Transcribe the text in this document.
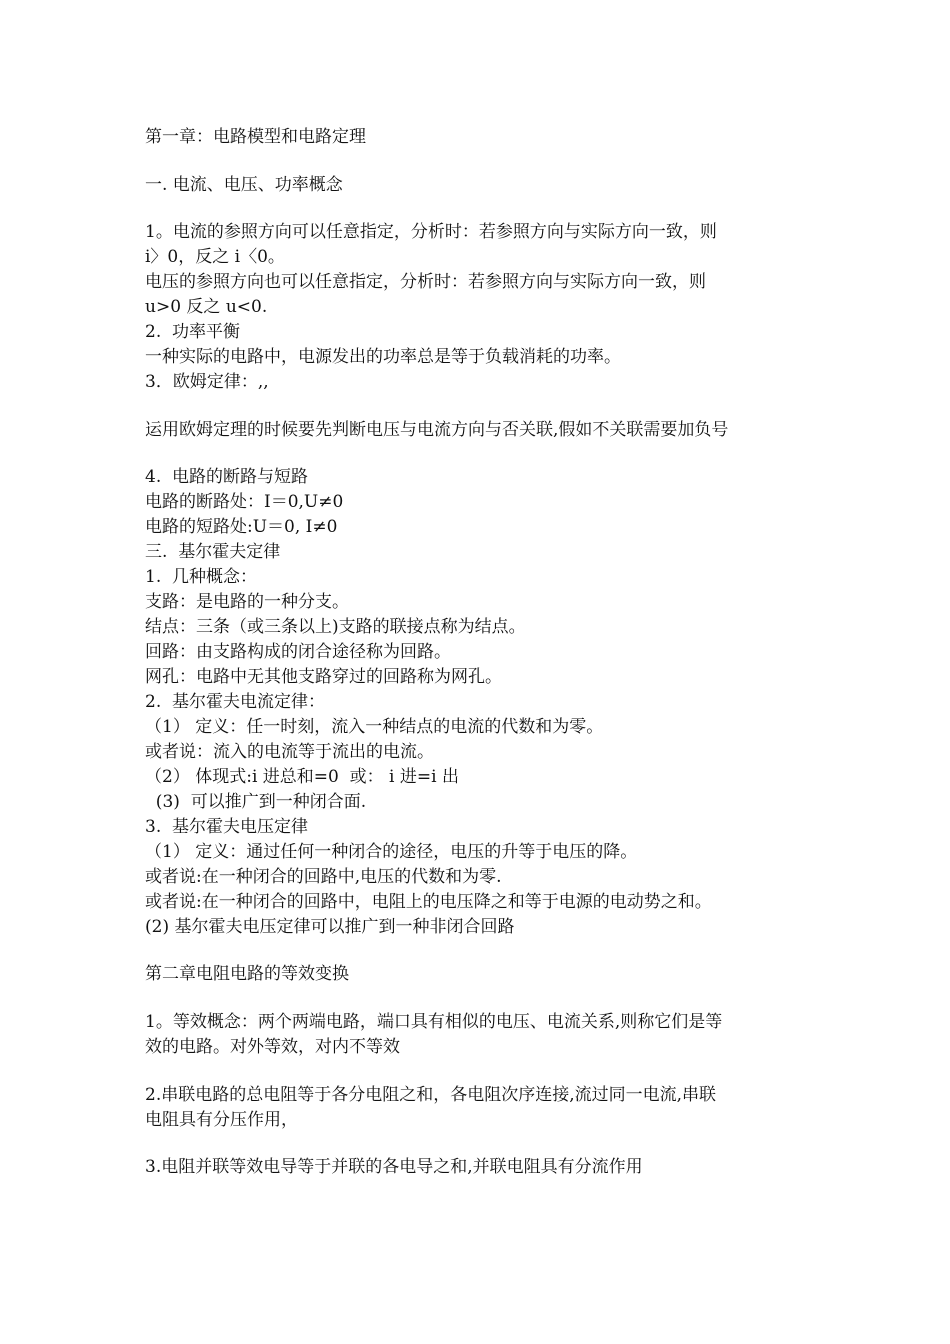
第一章：电路模型和电路定理

一. 电流、电压、功率概念

1。电流的参照方向可以任意指定，分析时：若参照方向与实际方向一致，则

i〉0，反之 i〈0。

电压的参照方向也可以任意指定，分析时：若参照方向与实际方向一致，则

u>0 反之 u<0.

2.  功率平衡

一种实际的电路中，电源发出的功率总是等于负载消耗的功率。

3．欧姆定律：,,

运用欧姆定理的时候要先判断电压与电流方向与否关联,假如不关联需要加负号

4.  电路的断路与短路

电路的断路处：I＝0,U≠0

电路的短路处:U＝0, I≠0

三.  基尔霍夫定律

1.  几种概念：

支路：是电路的一种分支。

结点：三条（或三条以上)支路的联接点称为结点。

回路：由支路构成的闭合途径称为回路。

网孔：电路中无其他支路穿过的回路称为网孔。

2.  基尔霍夫电流定律：

（1） 定义：任一时刻，流入一种结点的电流的代数和为零。

或者说：流入的电流等于流出的电流。

（2） 体现式:i 进总和=0  或： i 进=i 出

(3)  可以推广到一种闭合面.

3.  基尔霍夫电压定律

（1） 定义：通过任何一种闭合的途径，电压的升等于电压的降。

或者说:在一种闭合的回路中,电压的代数和为零.

或者说:在一种闭合的回路中，电阻上的电压降之和等于电源的电动势之和。

(2) 基尔霍夫电压定律可以推广到一种非闭合回路

第二章电阻电路的等效变换

1。等效概念：两个两端电路，端口具有相似的电压、电流关系,则称它们是等

效的电路。对外等效，对内不等效

2.串联电路的总电阻等于各分电阻之和，各电阻次序连接,流过同一电流,串联

电阻具有分压作用，

3.电阻并联等效电导等于并联的各电导之和,并联电阻具有分流作用
